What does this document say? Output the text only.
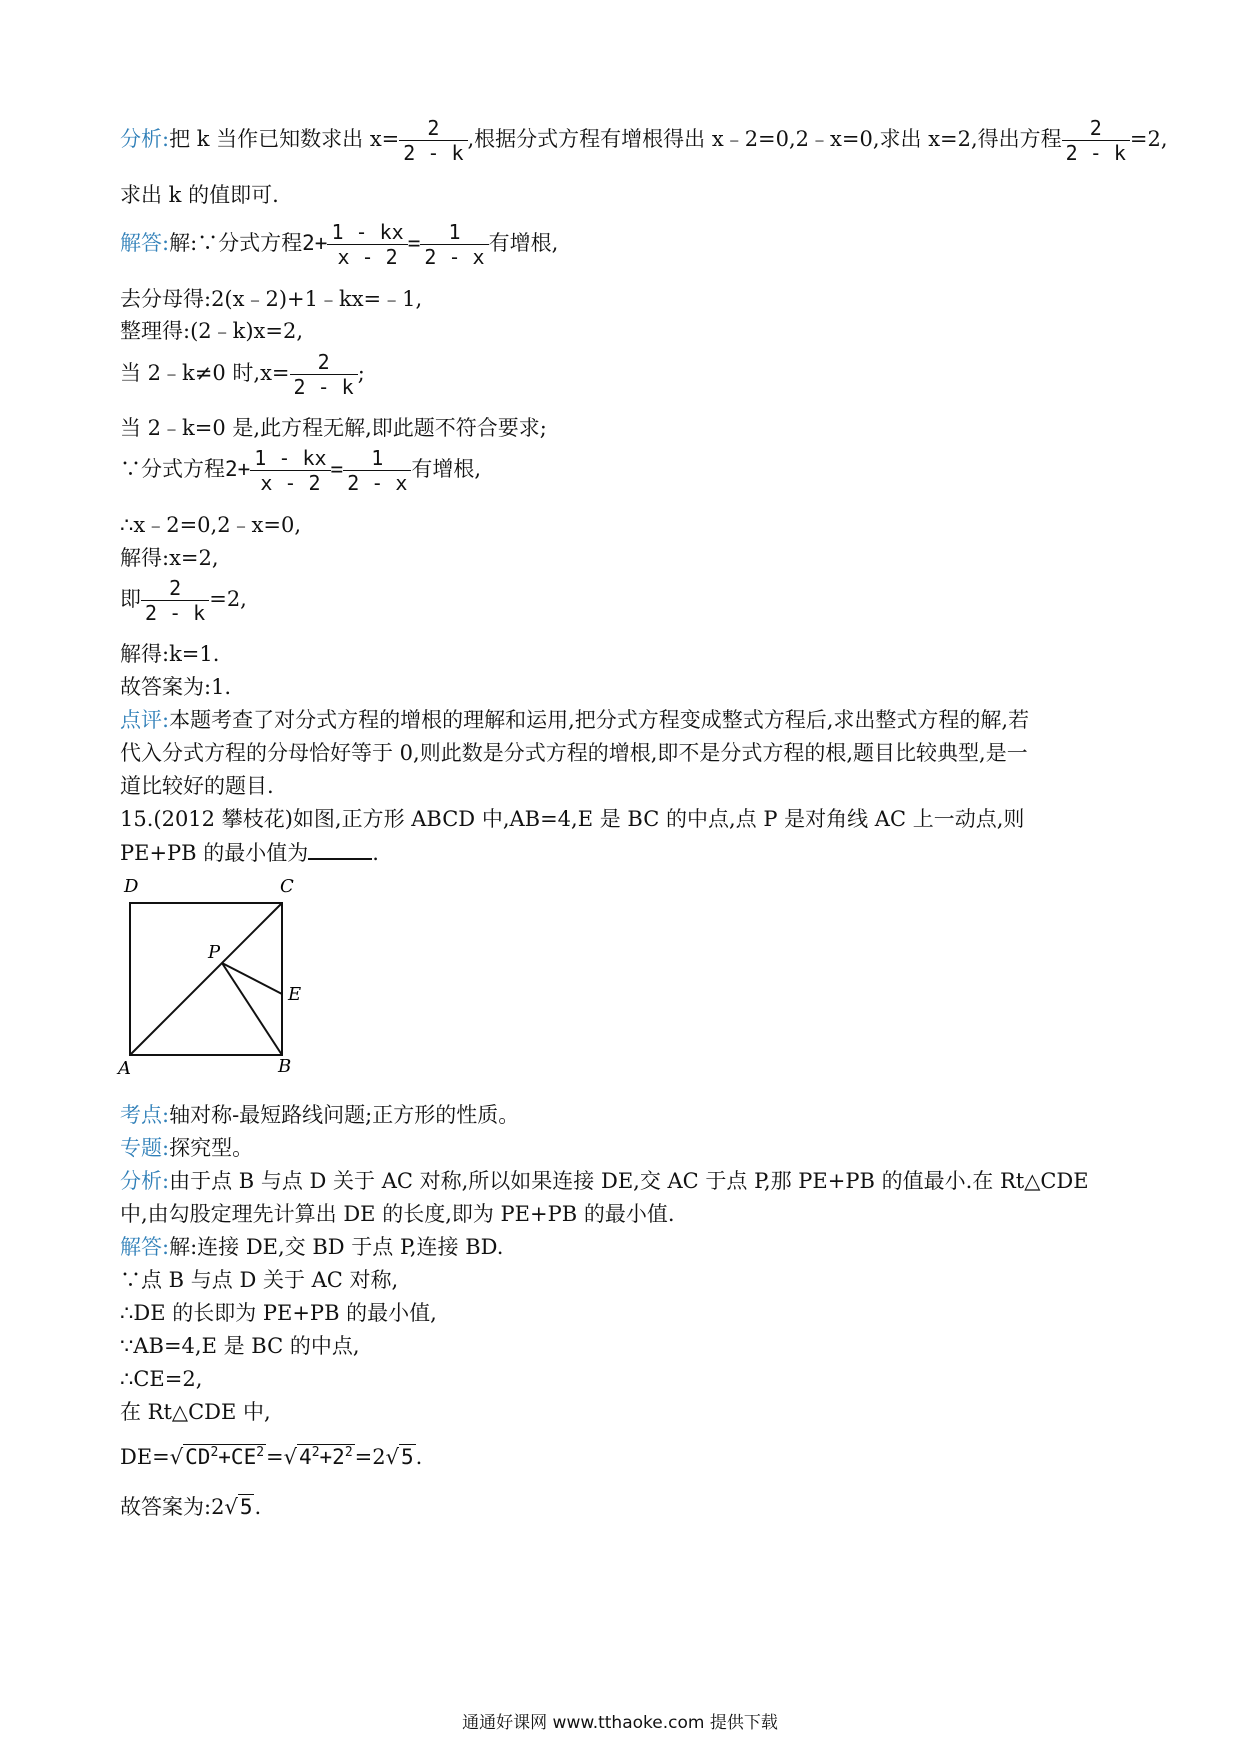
分析:把 k 当作已知数求出 $x= \frac{2}{2 - k}$ ,根据分式方程有增根得出 x﹣2=0,2﹣x=0,求出 x=2,得出方程 $\frac{2}{2 - k} =2$,
求出 k 的值即可.
解答:解:∵分式方程$2+ \frac{1 - kx}{x - 2} = \frac{1}{2 - x}$ 有增根,
去分母得:2(x﹣2)+1﹣kx=﹣1,
整理得:(2﹣k)x=2,
当 2﹣k≠0 时$,x= \frac{2}{2 - k}$ ;
当 2﹣k=0 是,此方程无解,即此题不符合要求;
∵分式方程$2+ \frac{1 - kx}{x - 2} = \frac{1}{2 - x}$ 有增根,
∴x﹣2=0,2﹣x=0,
解得:x=2,
即 $\frac{2}{2 - k} =2$,
解得:k=1.
故答案为:1.
点评:本题考查了对分式方程的增根的理解和运用,把分式方程变成整式方程后,求出整式方程的解,若
代入分式方程的分母恰好等于 0,则此数是分式方程的增根,即不是分式方程的根,题目比较典型,是一
道比较好的题目.
15.(2012 攀枝花)如图,正方形 ABCD 中,AB=4,E 是 BC 的中点,点 P 是对角线 AC 上一动点,则
PE+PB 的最小值为	.
D	C
P
E
A	B
考点:轴对称-最短路线问题;正方形的性质。
专题:探究型。
分析:由于点 B 与点 D 关于 AC 对称,所以如果连接 DE,交 AC 于点 P,那 PE+PB 的值最小.在 Rt△CDE
中,由勾股定理先计算出 DE 的长度,即为 PE+PB 的最小值.
解答:解:连接 DE,交 BD 于点 P,连接 BD.
∵点 B 与点 D 关于 AC 对称,
∴DE 的长即为 PE+PB 的最小值,
∵AB=4,E 是 BC 的中点,
∴CE=2,
在 Rt△CDE 中,
$DE=√CD^2+CE^2=√4^2+2^2=2√5$.
故答案为:2√5.
通通好课网 www.tthaoke.com 提供下载
